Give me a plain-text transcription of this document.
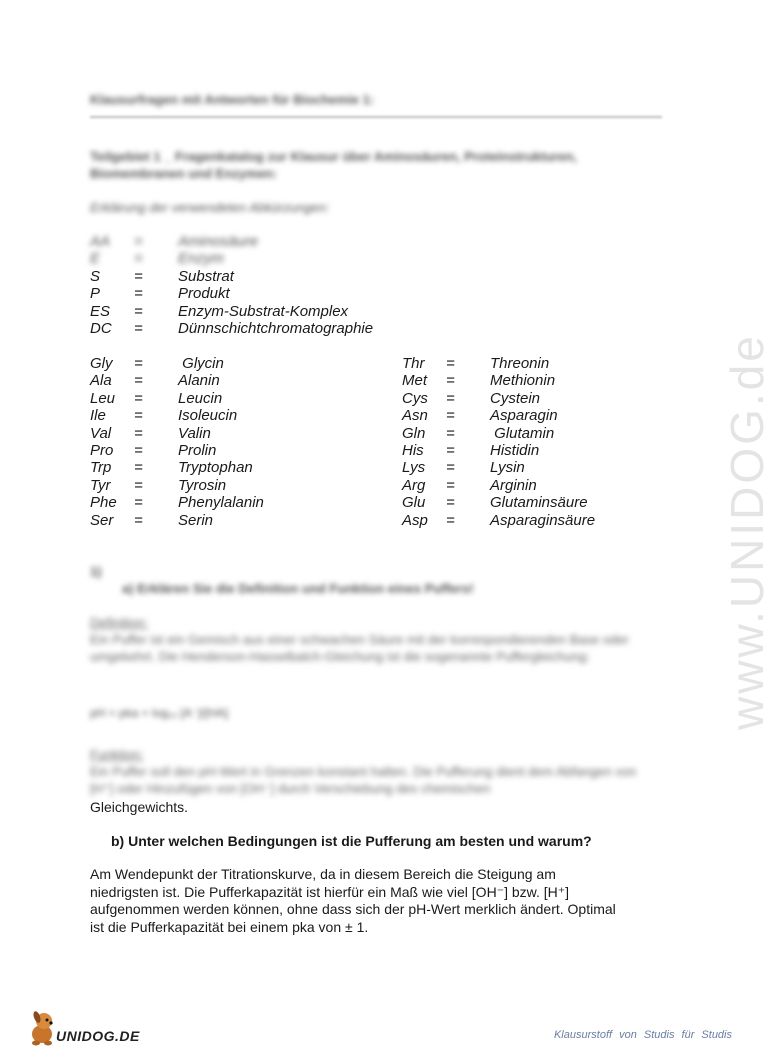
Klausurfragen mit Antworten für Biochemie 1:
Teilgebiet 1 _ Fragenkatalog zur Klausur über Aminosäuren, Proteinstrukturen, Biomembranen und Enzymen:
Erklärung der verwendeten Abkürzungen:
AA = Aminosäure
E = Enzym
S = Substrat
P = Produkt
ES = Enzym-Substrat-Komplex
DC = Dünnschichtchromatographie
Gly = Glycin
Ala = Alanin
Leu = Leucin
Ile = Isoleucin
Val = Valin
Pro = Prolin
Trp = Tryptophan
Tyr = Tyrosin
Phe = Phenylalanin
Ser = Serin
Thr = Threonin
Met = Methionin
Cys = Cystein
Asn = Asparagin
Gln = Glutamin
His = Histidin
Lys = Lysin
Arg = Arginin
Glu = Glutaminsäure
Asp = Asparaginsäure
1)
a) Erklären Sie die Definition und Funktion eines Puffers!
Definition:
Ein Puffer ist ein Gemisch aus einer schwachen Säure mit der korrespondierenden Base oder umgekehrt. Die Henderson-Hasselbalch-Gleichung ist die sogenannte Puffergleichung:
pH = pka + log₁₀ [A⁻]/[HA]
Funktion:
Ein Puffer soll den pH-Wert in Grenzen konstant halten. Die Pufferung dient dem Abfangen von [H⁺] oder Hinzufügen von [OH⁻] durch Verschiebung des chemischen
Gleichgewichts.
b) Unter welchen Bedingungen ist die Pufferung am besten und warum?
Am Wendepunkt der Titrationskurve, da in diesem Bereich die Steigung am
niedrigsten ist. Die Pufferkapazität ist hierfür ein Maß wie viel [OH⁻] bzw. [H⁺]
aufgenommen werden können, ohne dass sich der pH-Wert merklich ändert. Optimal
ist die Pufferkapazität bei einem pka von ± 1.
www.UNIDOG.de
UNIDOG.DE	Klausurstoff von Studis für Studis
